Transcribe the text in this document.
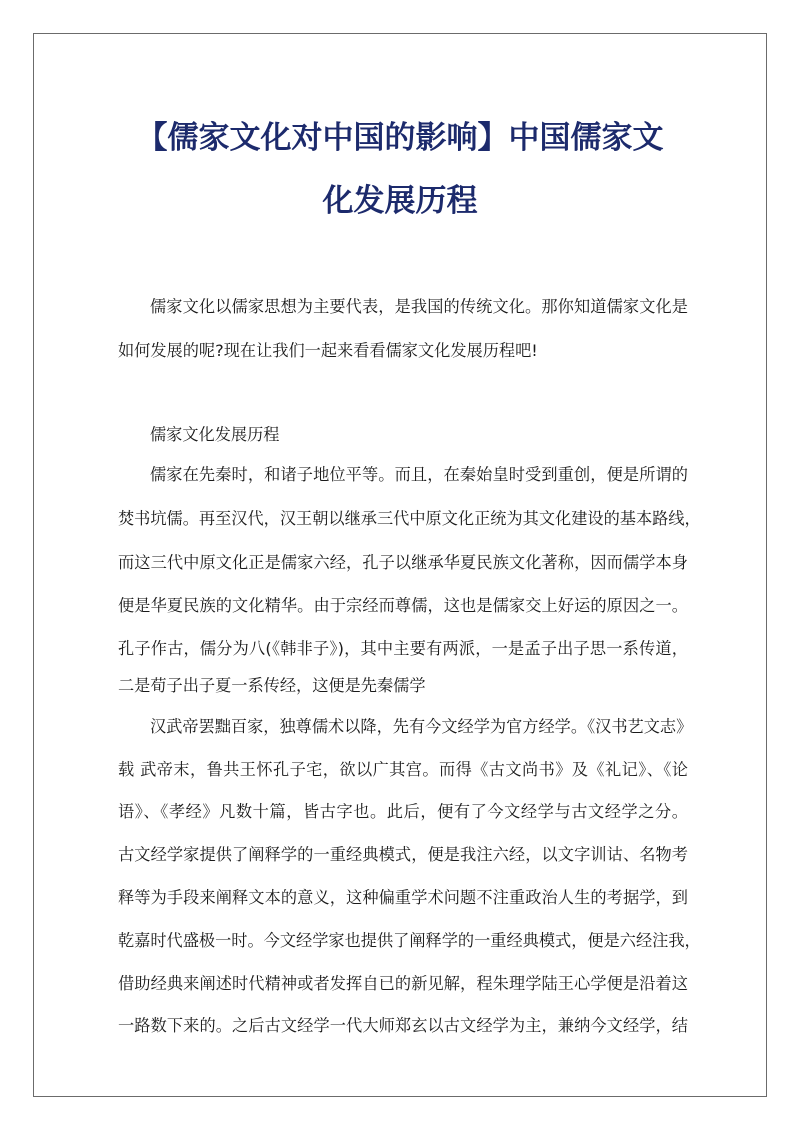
【儒家文化对中国的影响】中国儒家文
化发展历程
儒家文化以儒家思想为主要代表，是我国的传统文化。那你知道儒家文化是
如何发展的呢?现在让我们一起来看看儒家文化发展历程吧!
儒家文化发展历程
儒家在先秦时，和诸子地位平等。而且，在秦始皇时受到重创，便是所谓的
焚书坑儒。再至汉代，汉王朝以继承三代中原文化正统为其文化建设的基本路线，
而这三代中原文化正是儒家六经，孔子以继承华夏民族文化著称，因而儒学本身
便是华夏民族的文化精华。由于宗经而尊儒，这也是儒家交上好运的原因之一。
孔子作古，儒分为八(《韩非子》)，其中主要有两派，一是孟子出子思一系传道，
二是荀子出子夏一系传经，这便是先秦儒学
汉武帝罢黜百家，独尊儒术以降，先有今文经学为官方经学。《汉书艺文志》
载 武帝末，鲁共王怀孔子宅，欲以广其宫。而得《古文尚书》及《礼记》、《论
语》、《孝经》凡数十篇，皆古字也。此后，便有了今文经学与古文经学之分。
古文经学家提供了阐释学的一重经典模式，便是我注六经，以文字训诂、名物考
释等为手段来阐释文本的意义，这种偏重学术问题不注重政治人生的考据学，到
乾嘉时代盛极一时。今文经学家也提供了阐释学的一重经典模式，便是六经注我，
借助经典来阐述时代精神或者发挥自已的新见解，程朱理学陆王心学便是沿着这
一路数下来的。之后古文经学一代大师郑玄以古文经学为主，兼纳今文经学，结
